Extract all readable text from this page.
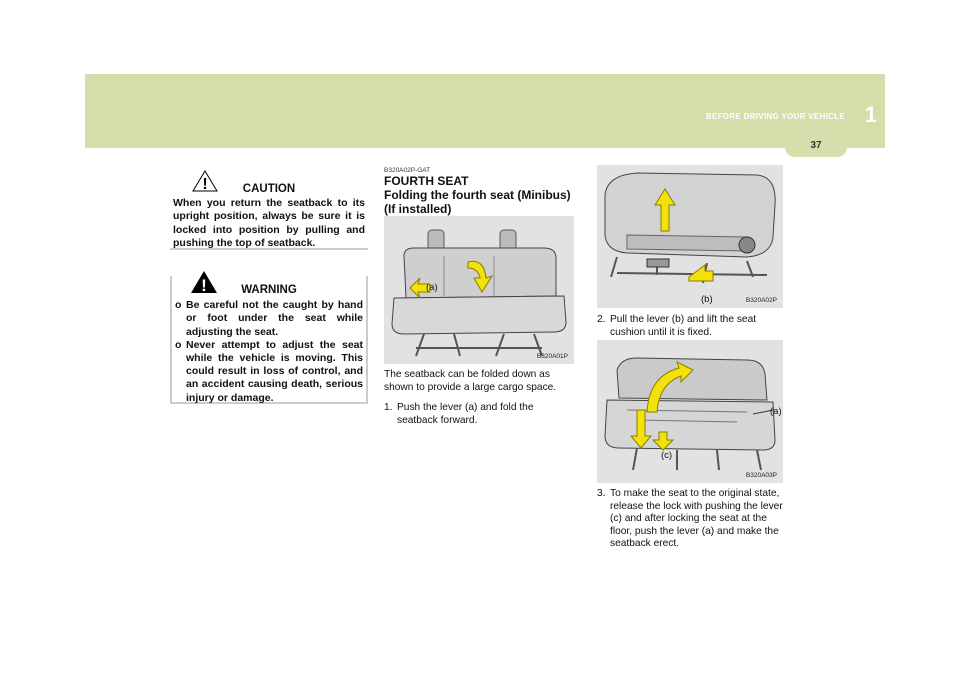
BEFORE DRIVING YOUR VEHICLE 1
37
!	CAUTION
When you return the seatback to its upright position, always be sure it is locked into position by pulling and pushing the top of seatback.
!	WARNING
o Be careful not the caught by hand or foot under the seat while adjusting the seat.
o Never attempt to adjust the seat while the vehicle is moving. This could result in loss of control, and an accident causing death, serious injury or damage.
B320A02P-GAT
FOURTH SEAT
Folding the fourth seat (Minibus) (If installed)
(a)
B320A01P
The seatback can be folded down as shown to provide a large cargo space.
1. Push the lever (a) and fold the seatback forward.
(b)	B320A02P
2. Pull the lever (b) and lift the seat cushion until it is fixed.
(a)
(c)
B320A03P
3. To make the seat to the original state, release the lock with pushing the lever (c) and after locking the seat at the floor, push the lever (a) and make the seatback erect.
